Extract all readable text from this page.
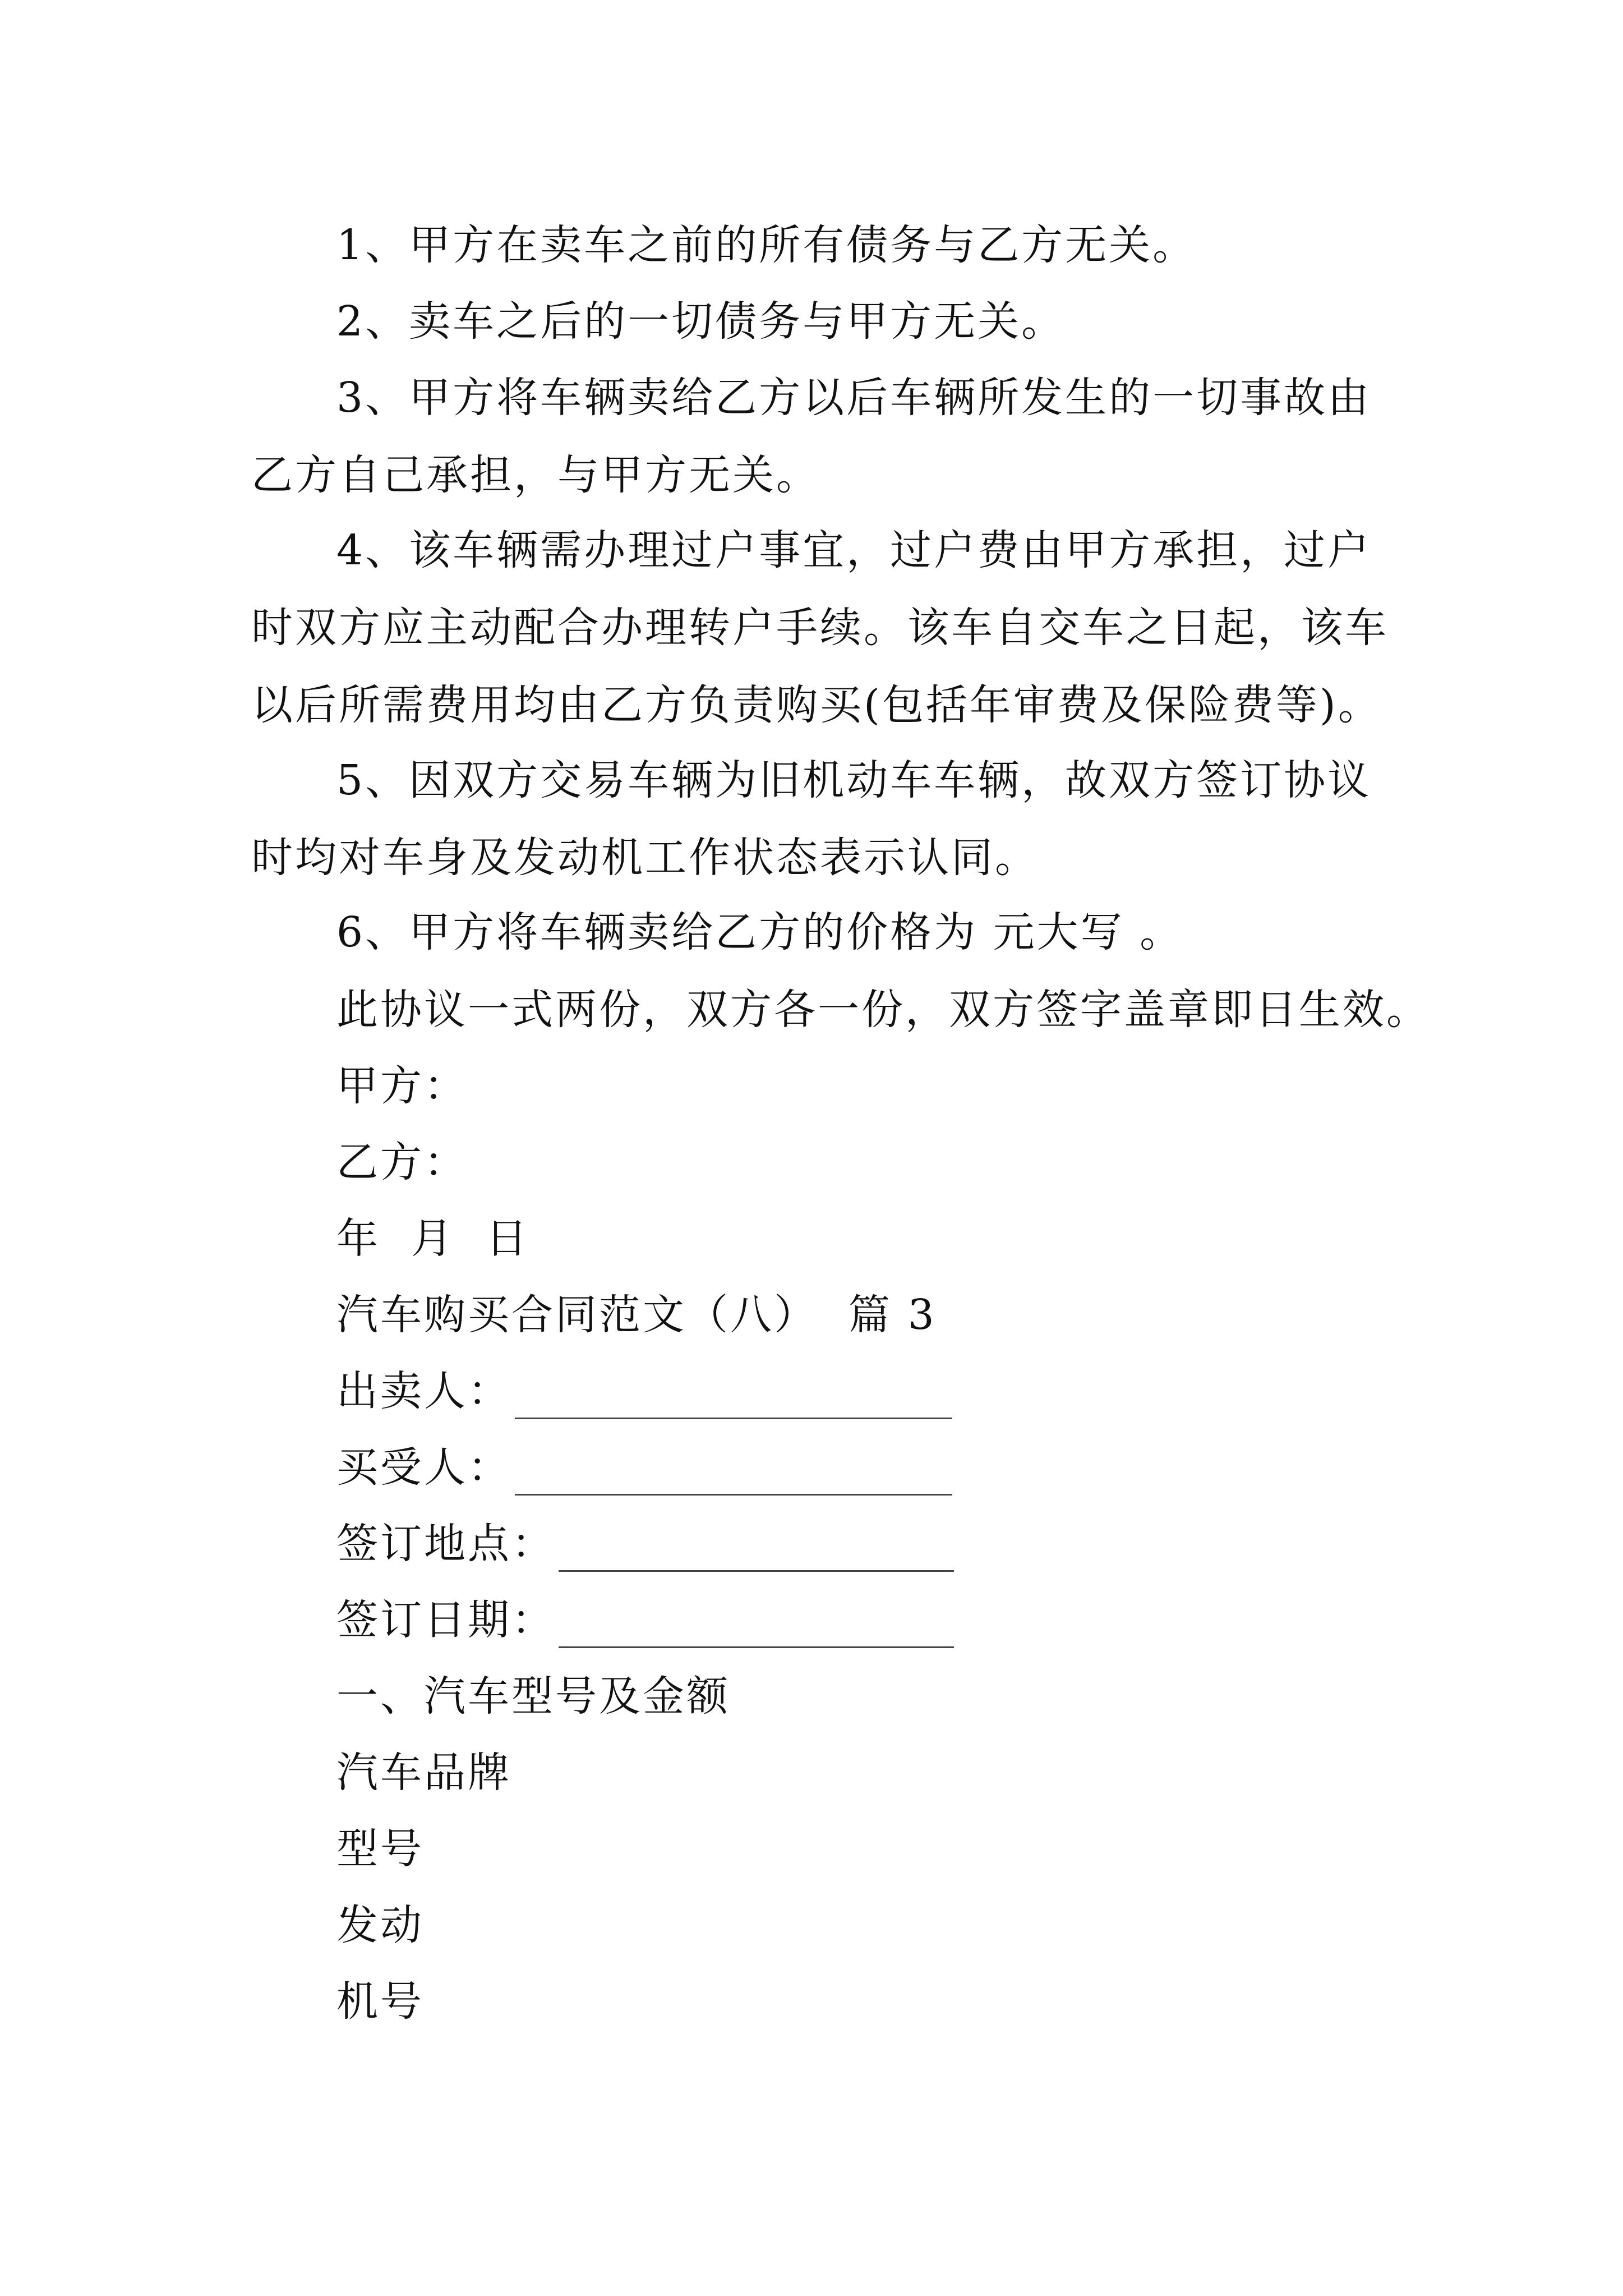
1、甲方在卖车之前的所有债务与乙方无关。
2、卖车之后的一切债务与甲方无关。
3、甲方将车辆卖给乙方以后车辆所发生的一切事故由乙方自己承担，与甲方无关。
4、该车辆需办理过户事宜，过户费由甲方承担，过户时双方应主动配合办理转户手续。该车自交车之日起，该车以后所需费用均由乙方负责购买(包括年审费及保险费等)。
5、因双方交易车辆为旧机动车车辆，故双方签订协议时均对车身及发动机工作状态表示认同。
6、甲方将车辆卖给乙方的价格为 元大写 。
此协议一式两份，双方各一份，双方签字盖章即日生效。
甲方：
乙方：
年  月  日
汽车购买合同范文（八）  篇 3
出卖人：
买受人：
签订地点：
签订日期：
一、汽车型号及金额
汽车品牌
型号
发动
机号
